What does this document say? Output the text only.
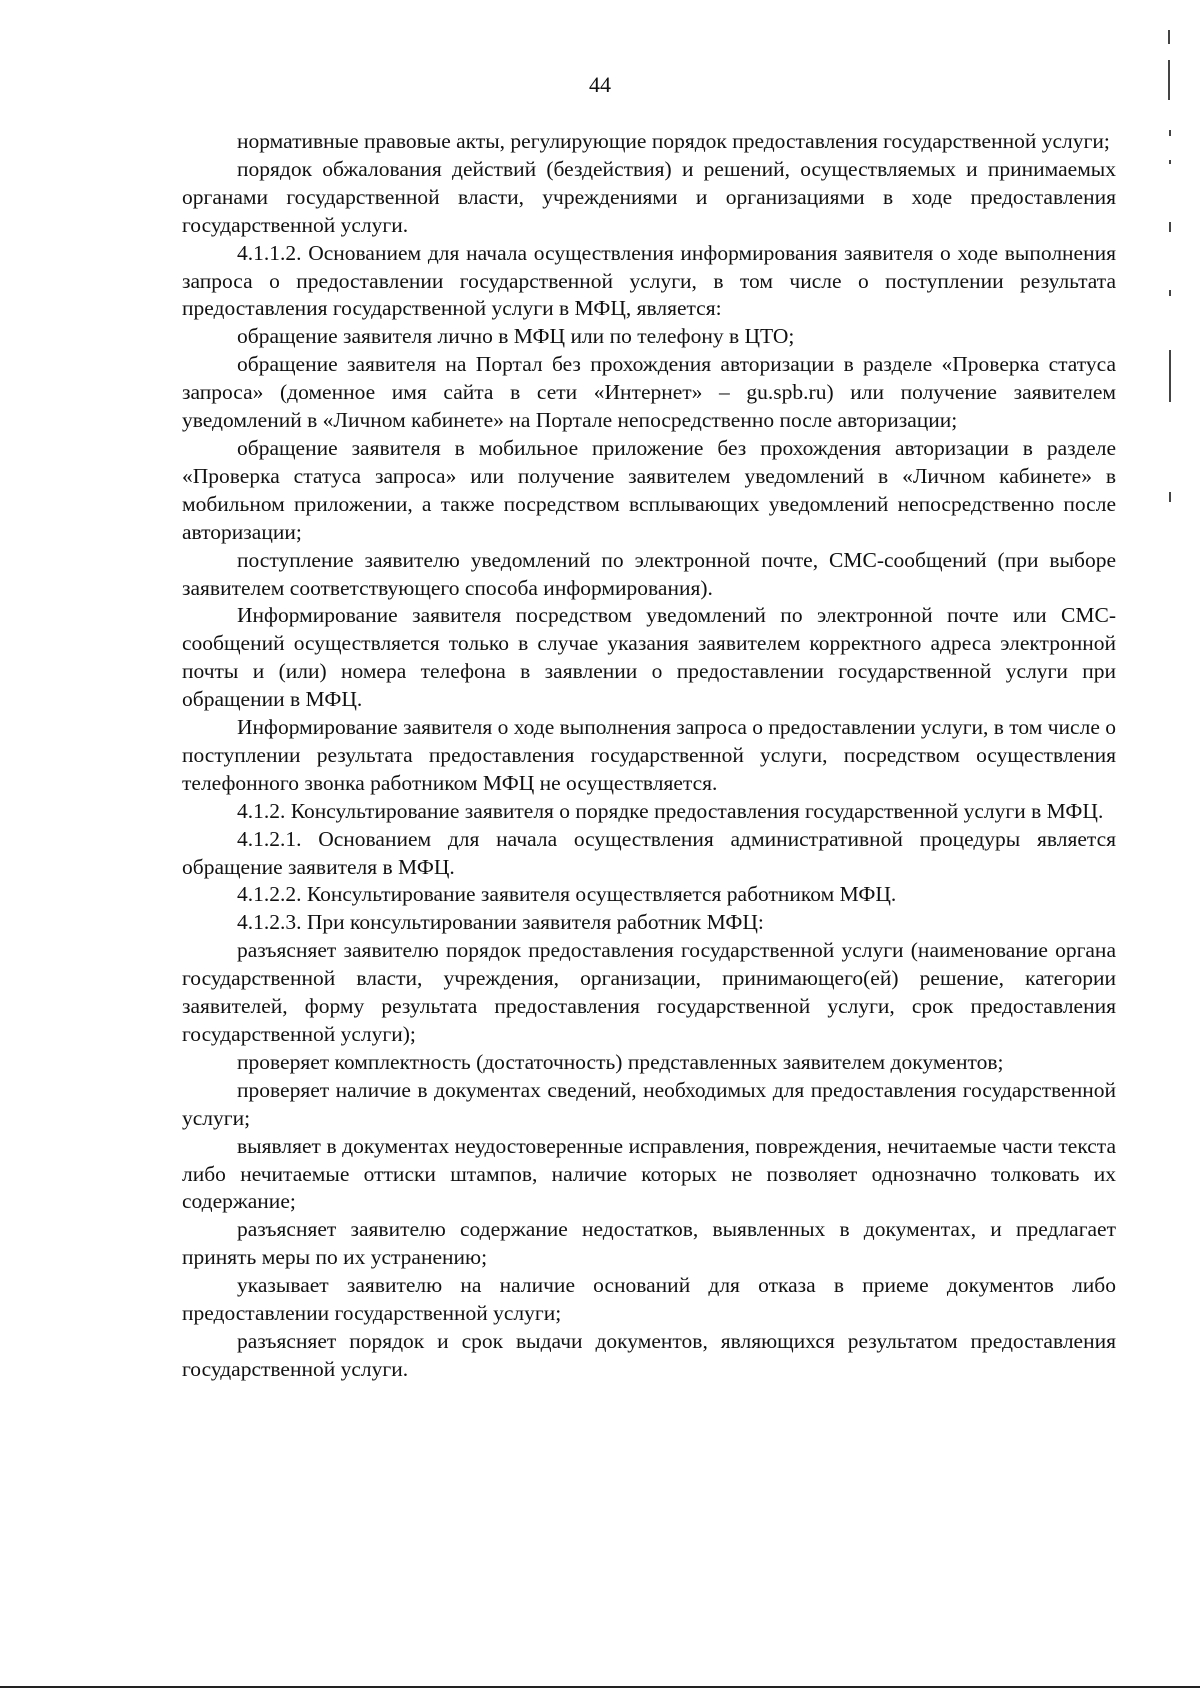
44

нормативные правовые акты, регулирующие порядок предоставления государственной услуги;

порядок обжалования действий (бездействия) и решений, осуществляемых и принимаемых органами государственной власти, учреждениями и организациями в ходе предоставления государственной услуги.

4.1.1.2. Основанием для начала осуществления информирования заявителя о ходе выполнения запроса о предоставлении государственной услуги, в том числе о поступлении результата предоставления государственной услуги в МФЦ, является:

обращение заявителя лично в МФЦ или по телефону в ЦТО;

обращение заявителя на Портал без прохождения авторизации в разделе «Проверка статуса запроса» (доменное имя сайта в сети «Интернет» – gu.spb.ru) или получение заявителем уведомлений в «Личном кабинете» на Портале непосредственно после авторизации;

обращение заявителя в мобильное приложение без прохождения авторизации в разделе «Проверка статуса запроса» или получение заявителем уведомлений в «Личном кабинете» в мобильном приложении, а также посредством всплывающих уведомлений непосредственно после авторизации;

поступление заявителю уведомлений по электронной почте, СМС-сообщений (при выборе заявителем соответствующего способа информирования).

Информирование заявителя посредством уведомлений по электронной почте или СМС-сообщений осуществляется только в случае указания заявителем корректного адреса электронной почты и (или) номера телефона в заявлении о предоставлении государственной услуги при обращении в МФЦ.

Информирование заявителя о ходе выполнения запроса о предоставлении услуги, в том числе о поступлении результата предоставления государственной услуги, посредством осуществления телефонного звонка работником МФЦ не осуществляется.

4.1.2. Консультирование заявителя о порядке предоставления государственной услуги в МФЦ.

4.1.2.1. Основанием для начала осуществления административной процедуры является обращение заявителя в МФЦ.

4.1.2.2. Консультирование заявителя осуществляется работником МФЦ.

4.1.2.3. При консультировании заявителя работник МФЦ:

разъясняет заявителю порядок предоставления государственной услуги (наименование органа государственной власти, учреждения, организации, принимающего(ей) решение, категории заявителей, форму результата предоставления государственной услуги, срок предоставления государственной услуги);

проверяет комплектность (достаточность) представленных заявителем документов;

проверяет наличие в документах сведений, необходимых для предоставления государственной услуги;

выявляет в документах неудостоверенные исправления, повреждения, нечитаемые части текста либо нечитаемые оттиски штампов, наличие которых не позволяет однозначно толковать их содержание;

разъясняет заявителю содержание недостатков, выявленных в документах, и предлагает принять меры по их устранению;

указывает заявителю на наличие оснований для отказа в приеме документов либо предоставлении государственной услуги;

разъясняет порядок и срок выдачи документов, являющихся результатом предоставления государственной услуги.
